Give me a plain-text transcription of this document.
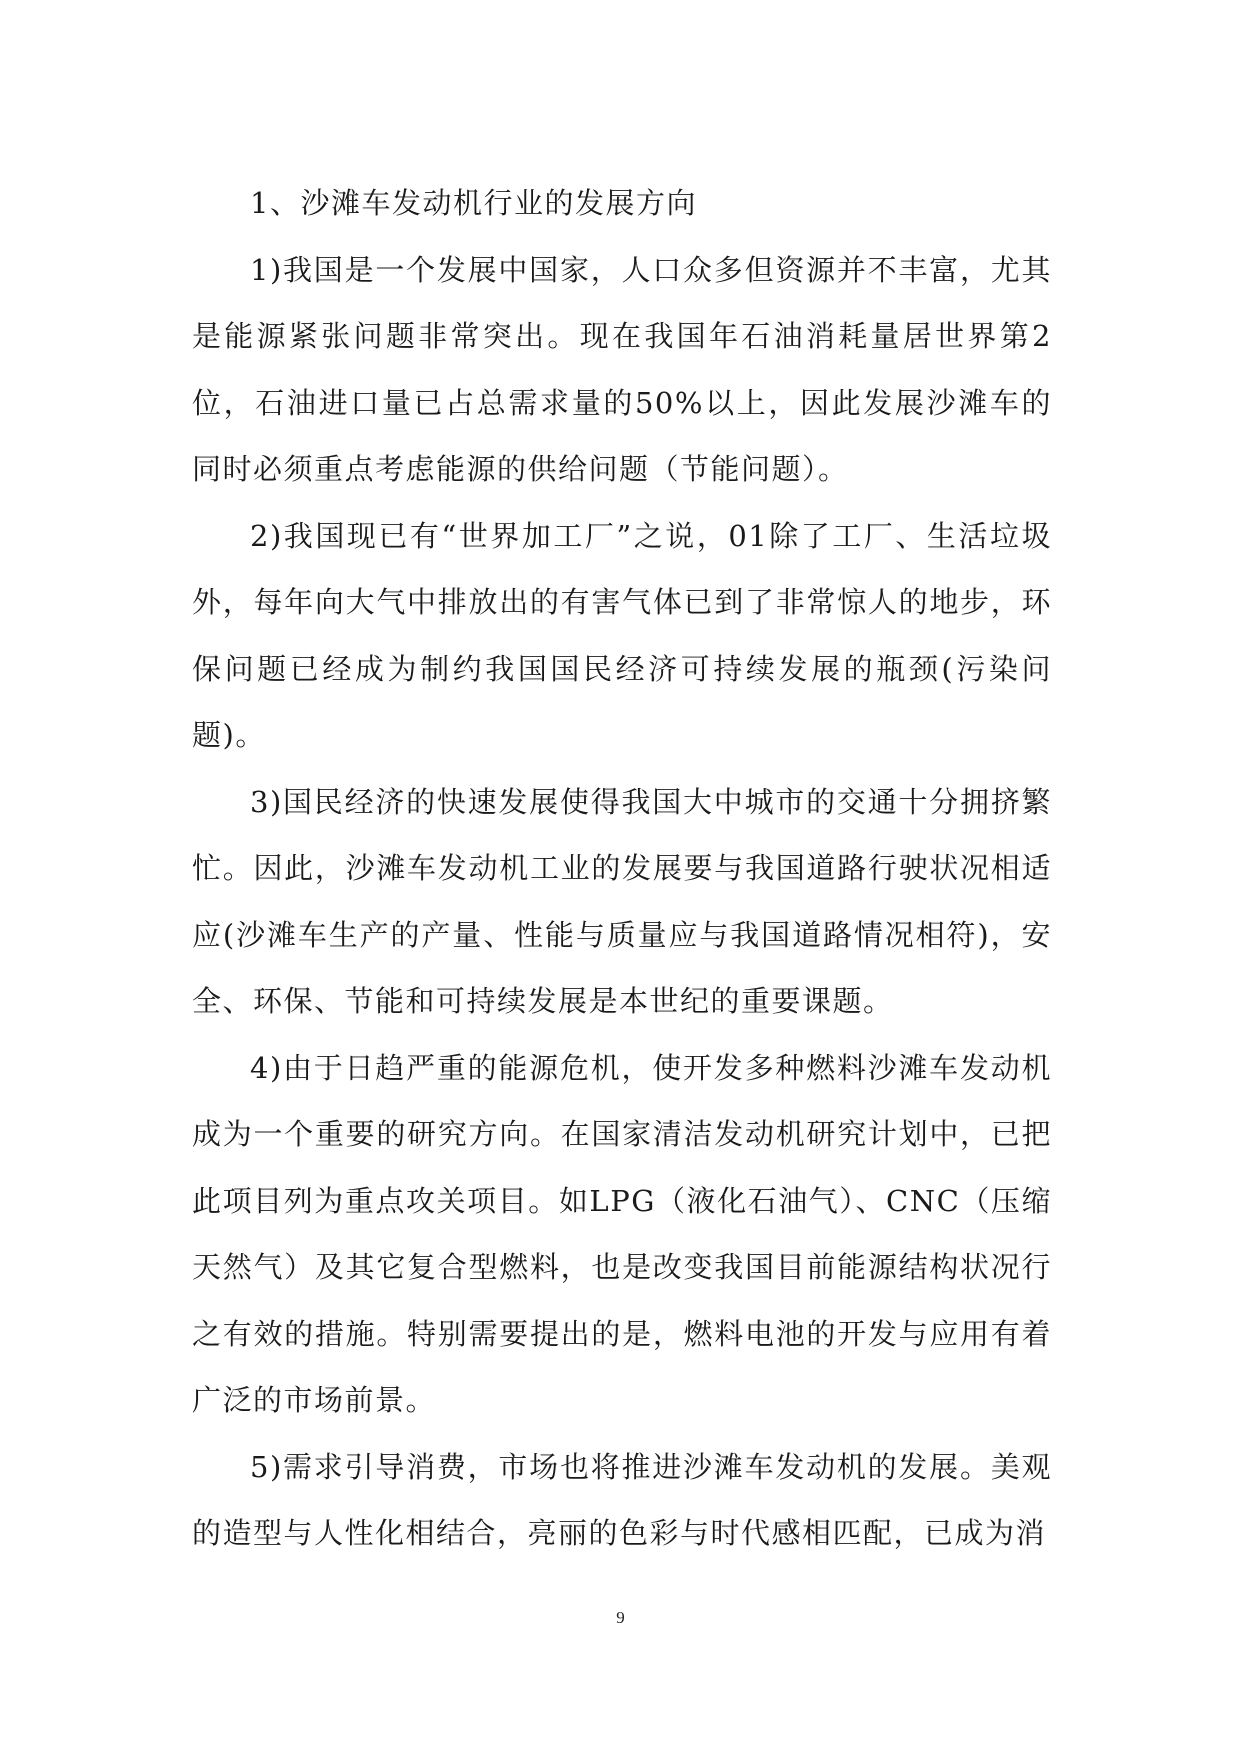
1、沙滩车发动机行业的发展方向

1)我国是一个发展中国家，人口众多但资源并不丰富，尤其是能源紧张问题非常突出。现在我国年石油消耗量居世界第2位，石油进口量已占总需求量的50%以上，因此发展沙滩车的同时必须重点考虑能源的供给问题（节能问题）。

2)我国现已有“世界加工厂”之说，01除了工厂、生活垃圾外，每年向大气中排放出的有害气体已到了非常惊人的地步，环保问题已经成为制约我国国民经济可持续发展的瓶颈(污染问题)。

3)国民经济的快速发展使得我国大中城市的交通十分拥挤繁忙。因此，沙滩车发动机工业的发展要与我国道路行驶状况相适应(沙滩车生产的产量、性能与质量应与我国道路情况相符)，安全、环保、节能和可持续发展是本世纪的重要课题。

4)由于日趋严重的能源危机，使开发多种燃料沙滩车发动机成为一个重要的研究方向。在国家清洁发动机研究计划中，已把此项目列为重点攻关项目。如LPG（液化石油气）、CNC（压缩天然气）及其它复合型燃料，也是改变我国目前能源结构状况行之有效的措施。特别需要提出的是，燃料电池的开发与应用有着广泛的市场前景。

5)需求引导消费，市场也将推进沙滩车发动机的发展。美观的造型与人性化相结合，亮丽的色彩与时代感相匹配，已成为消

9
